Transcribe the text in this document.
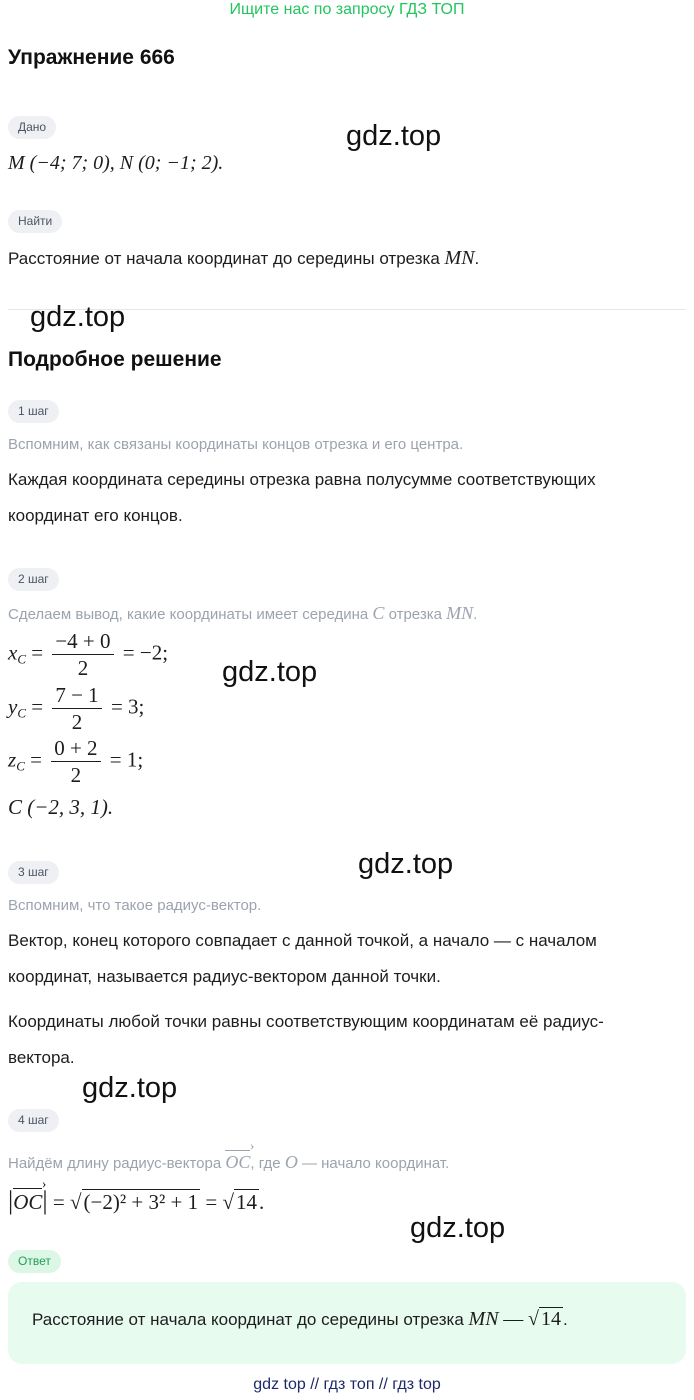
Ищите нас по запросу ГДЗ ТОП
Упражнение 666
Дано
M (−4; 7; 0), N (0; −1; 2).
Найти
Расстояние от начала координат до середины отрезка MN.
Подробное решение
1 шаг
Вспомним, как связаны координаты концов отрезка и его центра.
Каждая координата середины отрезка равна полусумме соответствующих координат его концов.
2 шаг
Сделаем вывод, какие координаты имеет середина C отрезка MN.
$x_C = \frac{-4 + 0}{2} = -2$;
$y_C = \frac{7 - 1}{2} = 3$;
$z_C = \frac{0 + 2}{2} = 1$;
C (−2, 3, 1).
3 шаг
Вспомним, что такое радиус-вектор.
Вектор, конец которого совпадает с данной точкой, а начало — с началом координат, называется радиус-вектором данной точки.
Координаты любой точки равны соответствующим координатам её радиус-вектора.
4 шаг
Найдём длину радиус-вектора OC ›, где O — начало координат.
|OC ›| = √(−2)² + 3² + 1 = √14.
Ответ
Расстояние от начала координат до середины отрезка MN — √ 14 .
gdz.top
gdz.top
gdz.top
gdz.top
gdz.top
gdz.top
gdz top // гдз топ // гдз top
